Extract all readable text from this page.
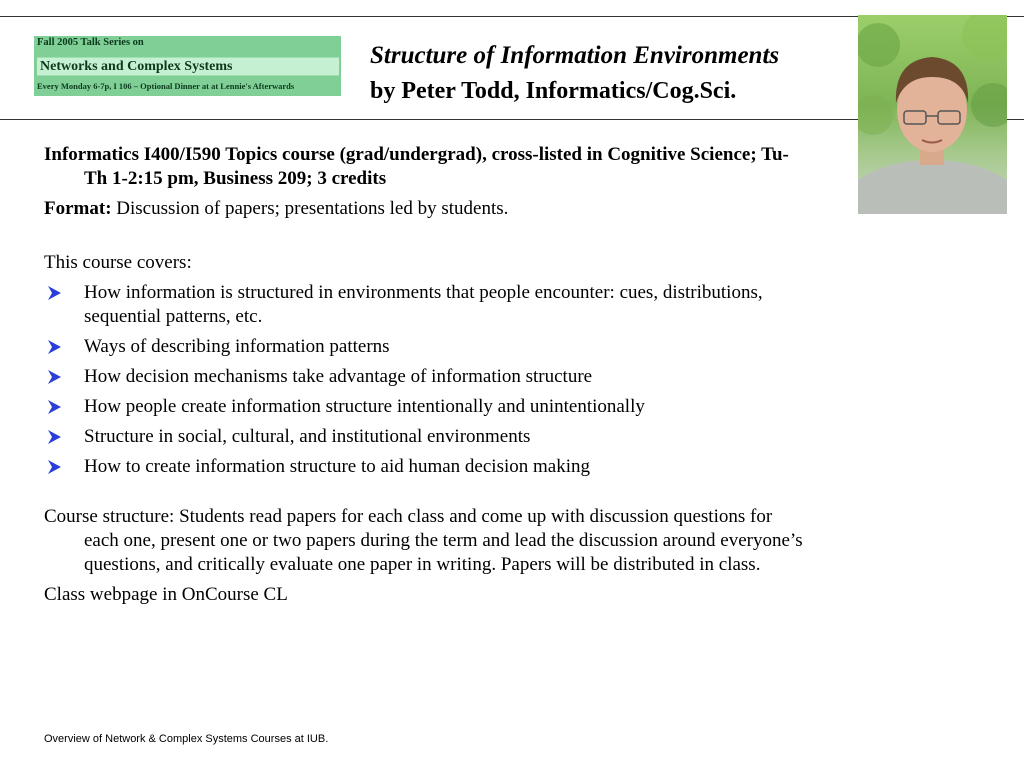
Fall 2005 Talk Series on
Networks and Complex Systems
Every Monday 6-7p, I 106 – Optional Dinner at at Lennie's Afterwards
Structure of Information Environments
by Peter Todd, Informatics/Cog.Sci.

Informatics I400/I590 Topics course (grad/undergrad), cross-listed in Cognitive Science; Tu-Th 1-2:15 pm, Business 209; 3 credits

Format: Discussion of papers; presentations led by students.

This course covers:

How information is structured in environments that people encounter: cues, distributions, sequential patterns, etc.
Ways of describing information patterns
How decision mechanisms take advantage of information structure
How people create information structure intentionally and unintentionally
Structure in social, cultural, and institutional environments
How to create information structure to aid human decision making

Course structure: Students read papers for each class and come up with discussion questions for each one, present one or two papers during the term and lead the discussion around everyone’s questions, and critically evaluate one paper in writing. Papers will be distributed in class.

Class webpage in OnCourse CL

Overview of Network & Complex Systems Courses at IUB.
